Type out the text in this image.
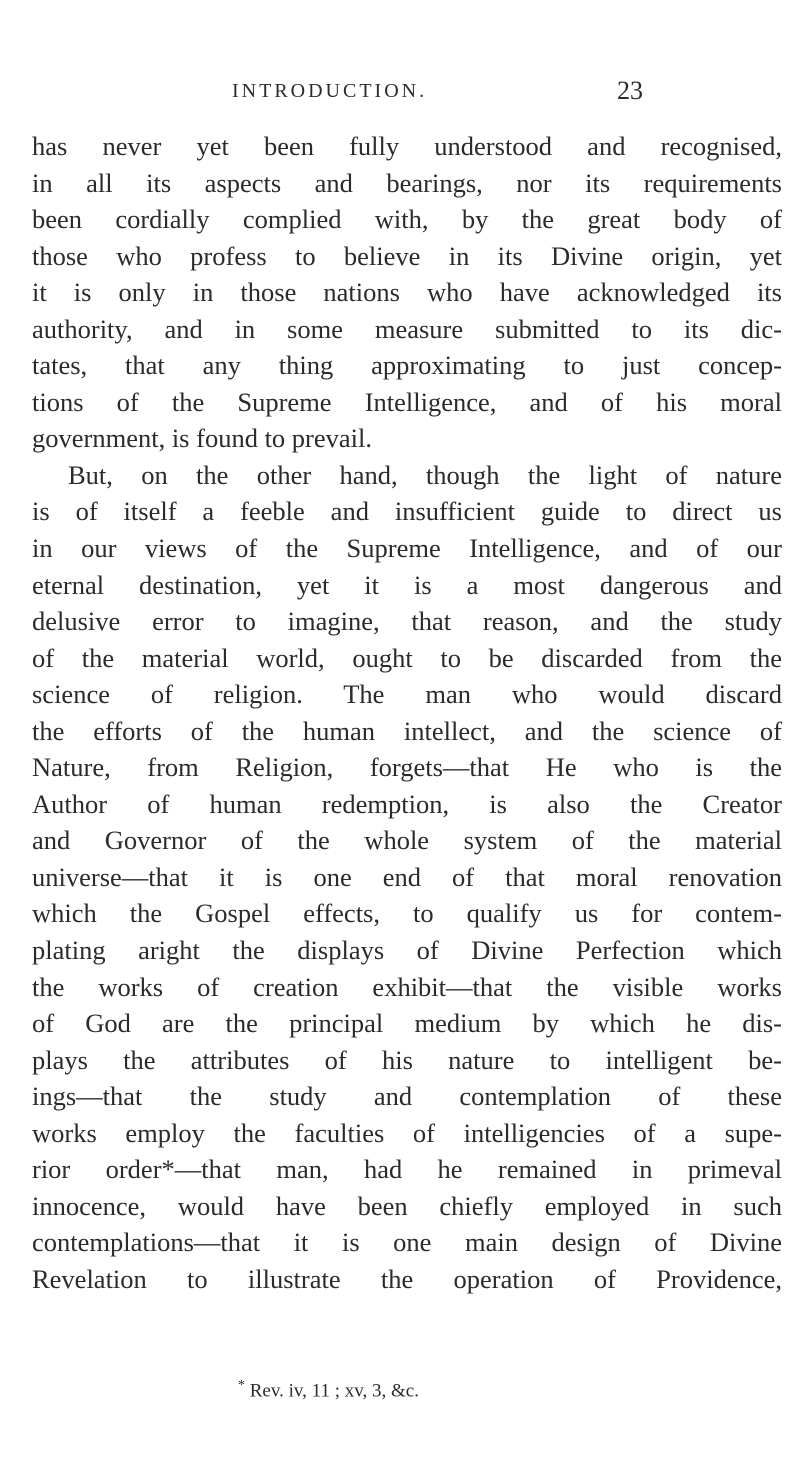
INTRODUCTION.	23
has never yet been fully understood and recognised,
in all its aspects and bearings, nor its requirements
been cordially complied with, by the great body of
those who profess to believe in its Divine origin, yet
it is only in those nations who have acknowledged its
authority, and in some measure submitted to its dic-
tates, that any thing approximating to just concep-
tions of the Supreme Intelligence, and of his moral
government, is found to prevail.
But, on the other hand, though the light of nature
is of itself a feeble and insufficient guide to direct us
in our views of the Supreme Intelligence, and of our
eternal destination, yet it is a most dangerous and
delusive error to imagine, that reason, and the study
of the material world, ought to be discarded from the
science of religion. The man who would discard
the efforts of the human intellect, and the science of
Nature, from Religion, forgets—that He who is the
Author of human redemption, is also the Creator
and Governor of the whole system of the material
universe—that it is one end of that moral renovation
which the Gospel effects, to qualify us for contem-
plating aright the displays of Divine Perfection which
the works of creation exhibit—that the visible works
of God are the principal medium by which he dis-
plays the attributes of his nature to intelligent be-
ings—that the study and contemplation of these
works employ the faculties of intelligencies of a supe-
rior order*—that man, had he remained in primeval
innocence, would have been chiefly employed in such
contemplations—that it is one main design of Divine
Revelation to illustrate the operation of Providence,
* Rev. iv, 11 ; xv, 3, &c.
